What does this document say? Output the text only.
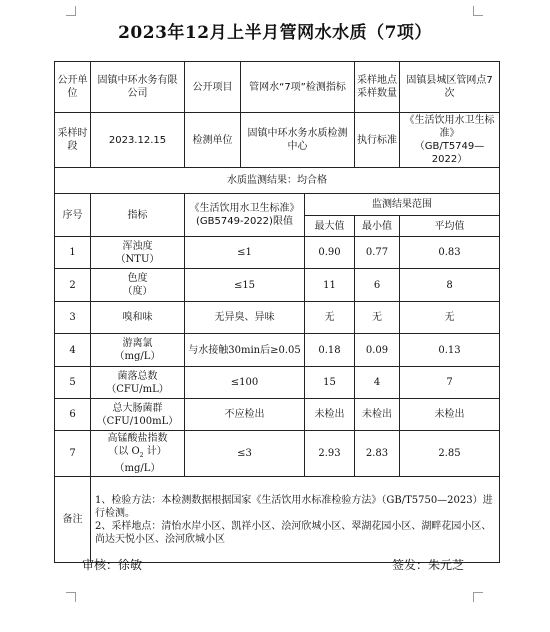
2023年12月上半月管网水水质（7项）
公开单位	固镇中环水务有限公司	公开项目	管网水“7项”检测指标		采样地点采样数量	固镇县城区管网点7次
采样时段	2023.12.15	检测单位	固镇中环水务水质检测中心		执行标准	《生活饮用水卫生标准》
（GB/T5749—2022）

水质监测结果：均合格						
序号	指标	《生活饮用水卫生标准》
(GB5749-2022)限值		监测结果范围		
				最大值	最小值	平均值
1	浑浊度
（NTU）	≤1		0.90	0.77	0.83
2	色度
（度）	≤15		11	6	8
3	嗅和味	无异臭、异味		无	无	无
4	游离氯
（mg/L）	与水接触30min后≥0.05		0.18	0.09	0.13
5	菌落总数
（CFU/mL）	≤100		15	4	7
6	总大肠菌群
（CFU/100mL）	不应检出		未检出	未检出	未检出
7	高锰酸盐指数
（以 $O_2$ 计）
（mg/L）	≤3		2.93	2.83	2.85
备注	1、检验方法：本检测数据根据国家《生活饮用水标准检验方法》（GB/T5750—2023）进行检测。
2、采样地点：清怡水岸小区、凯祥小区、浍河欣城小区、翠湖花园小区、湖畔花园小区、尚达天悦小区、浍河欣城小区					
审核：徐敏	签发：朱元芝
